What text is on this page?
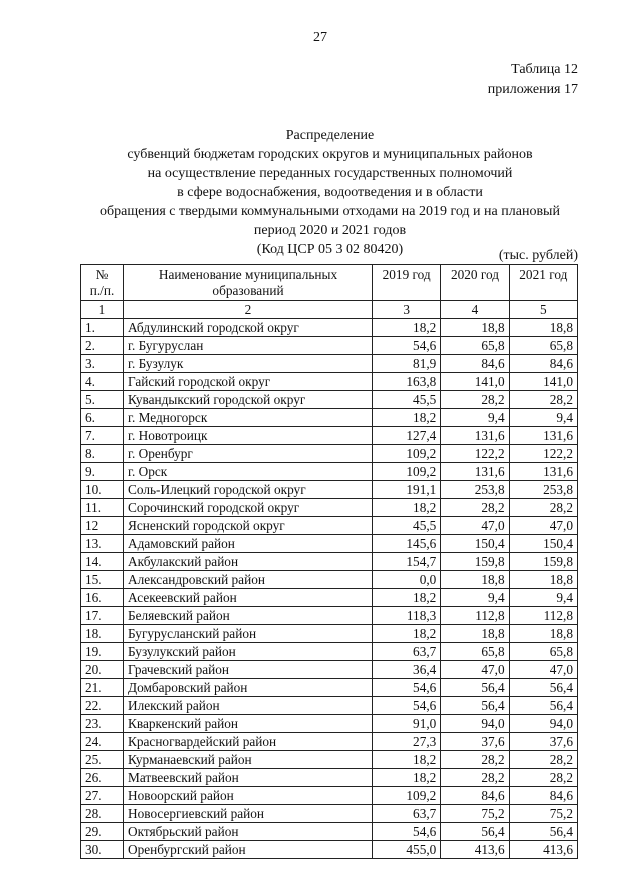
27
Таблица 12
приложения 17
Распределение
субвенций бюджетам городских округов и муниципальных районов
на осуществление переданных государственных полномочий
в сфере водоснабжения, водоотведения и в области
обращения с твердыми коммунальными отходами на 2019 год и на плановый
период 2020 и 2021 годов
(Код ЦСР 05 3 02 80420)	(тыс. рублей)
№
п./п.	Наименование муниципальных образований	2019 год	2020 год	2021 год
1	2	3	4	5
1.	Абдулинский городской округ	18,2	18,8	18,8
2.	г. Бугуруслан	54,6	65,8	65,8
3.	г. Бузулук	81,9	84,6	84,6
4.	Гайский городской округ	163,8	141,0	141,0
5.	Кувандыкский городской округ	45,5	28,2	28,2
6.	г. Медногорск	18,2	9,4	9,4
7.	г. Новотроицк	127,4	131,6	131,6
8.	г. Оренбург	109,2	122,2	122,2
9.	г. Орск	109,2	131,6	131,6
10.	Соль-Илецкий городской округ	191,1	253,8	253,8
11.	Сорочинский городской округ	18,2	28,2	28,2
12	Ясненский городской округ	45,5	47,0	47,0
13.	Адамовский район	145,6	150,4	150,4
14.	Акбулакский район	154,7	159,8	159,8
15.	Александровский район	0,0	18,8	18,8
16.	Асекеевский район	18,2	9,4	9,4
17.	Беляевский район	118,3	112,8	112,8
18.	Бугурусланский район	18,2	18,8	18,8
19.	Бузулукский район	63,7	65,8	65,8
20.	Грачевский район	36,4	47,0	47,0
21.	Домбаровский район	54,6	56,4	56,4
22.	Илекский район	54,6	56,4	56,4
23.	Кваркенский район	91,0	94,0	94,0
24.	Красногвардейский район	27,3	37,6	37,6
25.	Курманаевский район	18,2	28,2	28,2
26.	Матвеевский район	18,2	28,2	28,2
27.	Новоорский район	109,2	84,6	84,6
28.	Новосергиевский район	63,7	75,2	75,2
29.	Октябрьский район	54,6	56,4	56,4
30.	Оренбургский район	455,0	413,6	413,6
